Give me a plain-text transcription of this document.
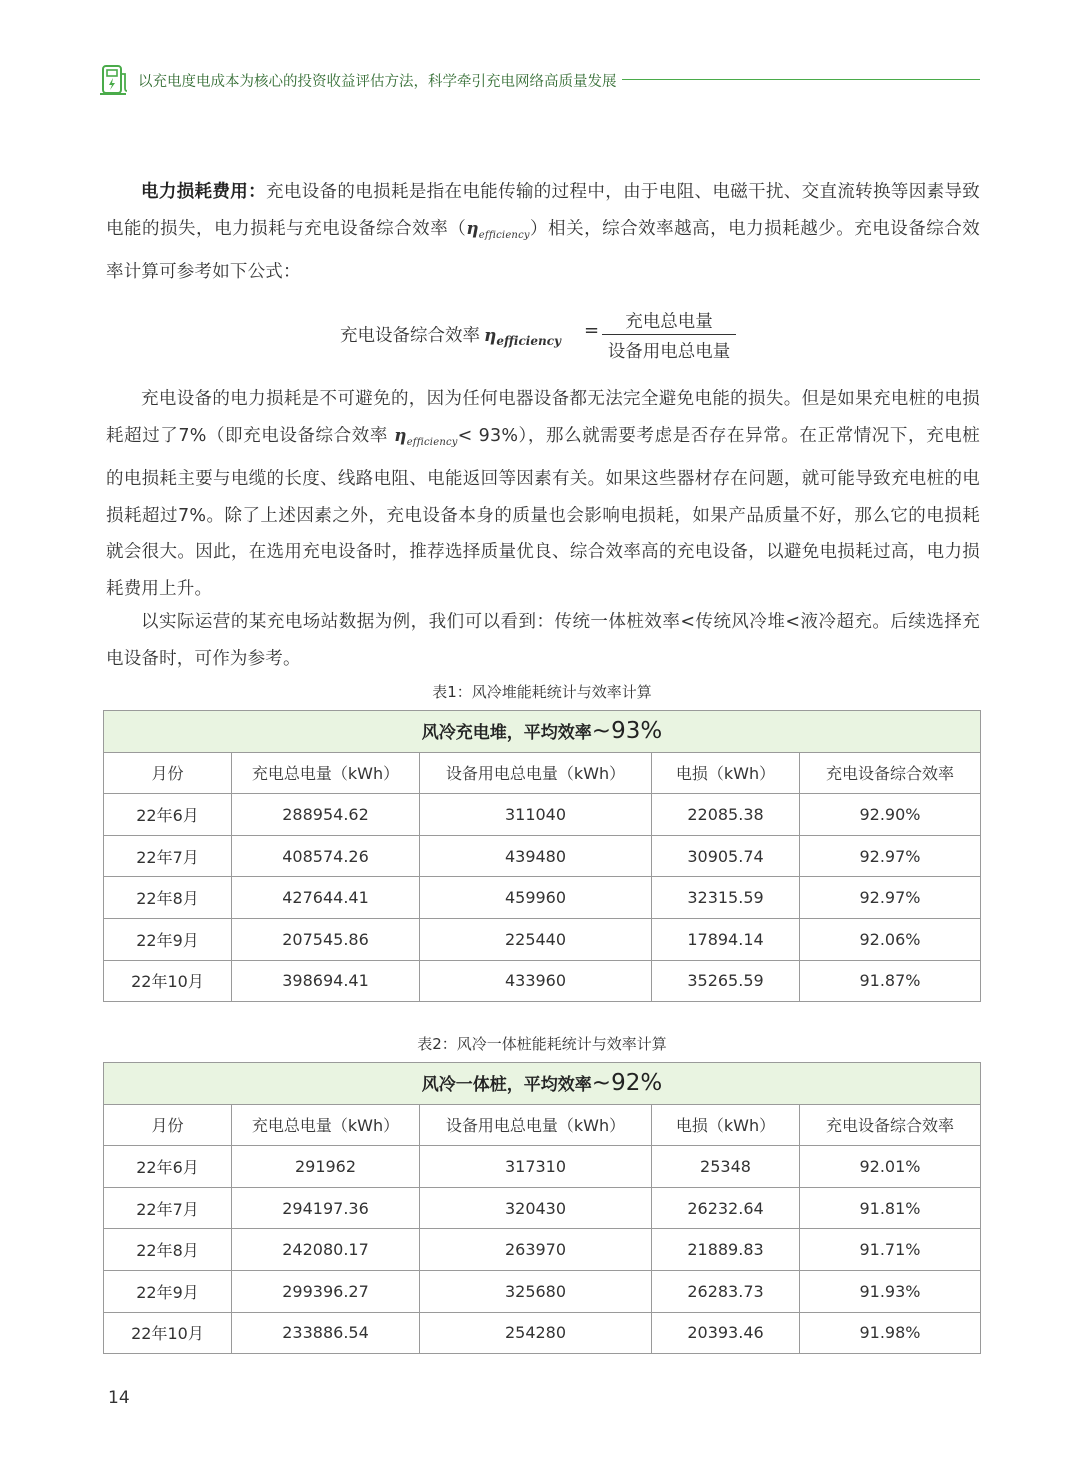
以充电度电成本为核心的投资收益评估方法，科学牵引充电网络高质量发展
电力损耗费用：充电设备的电损耗是指在电能传输的过程中，由于电阻、电磁干扰、交直流转换等因素导致电能的损失，电力损耗与充电设备综合效率$(\eta_{efficiency})$相关，综合效率越高，电力损耗越少。充电设备综合效率计算可参考如下公式：
充电设备综合效率 $\eta_{efficiency}$ =	充电总电量
设备用电总电量
充电设备的电力损耗是不可避免的，因为任何电器设备都无法完全避免电能的损失。但是如果充电桩的电损耗超过了7%（即充电设备综合效率 $\eta_{efficiency}< 93\%$），那么就需要考虑是否存在异常。在正常情况下，充电桩的电损耗主要与电缆的长度、线路电阻、电能返回等因素有关。如果这些器材存在问题，就可能导致充电桩的电损耗超过7%。除了上述因素之外，充电设备本身的质量也会影响电损耗，如果产品质量不好，那么它的电损耗就会很大。因此，在选用充电设备时，推荐选择质量优良、综合效率高的充电设备，以避免电损耗过高，电力损耗费用上升。
以实际运营的某充电场站数据为例，我们可以看到：传统一体桩效率<传统风冷堆<液冷超充。后续选择充电设备时，可作为参考。
表1：风冷堆能耗统计与效率计算
风冷充电堆，平均效率~93%				
月份	充电总电量（kWh）	设备用电总电量（kWh）	电损（kWh）	充电设备综合效率
22年6月	288954.62	311040	22085.38	92.90%
22年7月	408574.26	439480	30905.74	92.97%
22年8月	427644.41	459960	32315.59	92.97%
22年9月	207545.86	225440	17894.14	92.06%
22年10月	398694.41	433960	35265.59	91.87%
表2：风冷一体桩能耗统计与效率计算
风冷一体桩，平均效率~92%				
月份	充电总电量（kWh）	设备用电总电量（kWh）	电损（kWh）	充电设备综合效率
22年6月	291962	317310	25348	92.01%
22年7月	294197.36	320430	26232.64	91.81%
22年8月	242080.17	263970	21889.83	91.71%
22年9月	299396.27	325680	26283.73	91.93%
22年10月	233886.54	254280	20393.46	91.98%
14
